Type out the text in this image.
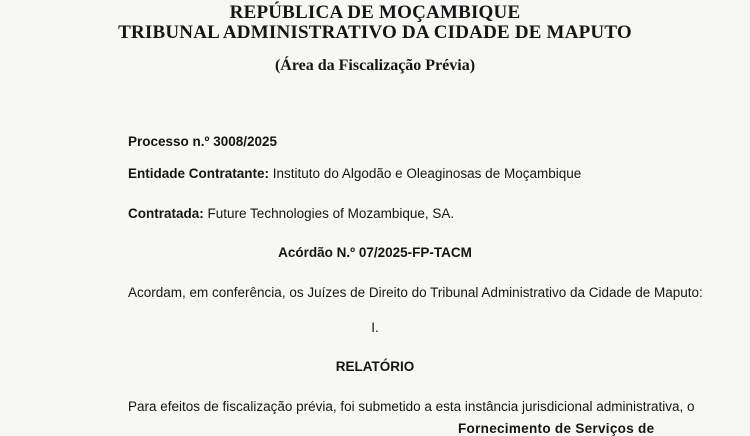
REPÚBLICA DE MOÇAMBIQUE
TRIBUNAL ADMINISTRATIVO DA CIDADE DE MAPUTO
(Área da Fiscalização Prévia)
Processo n.º 3008/2025
Entidade Contratante: Instituto do Algodão e Oleaginosas de Moçambique
Contratada: Future Technologies of Mozambique, SA.
Acórdão N.º 07/2025-FP-TACM
Acordam, em conferência, os Juízes de Direito do Tribunal Administrativo da Cidade de Maputo:
I.
RELATÓRIO
Para efeitos de fiscalização prévia, foi submetido a esta instância jurisdicional administrativa, o
Fornecimento de Serviços de
